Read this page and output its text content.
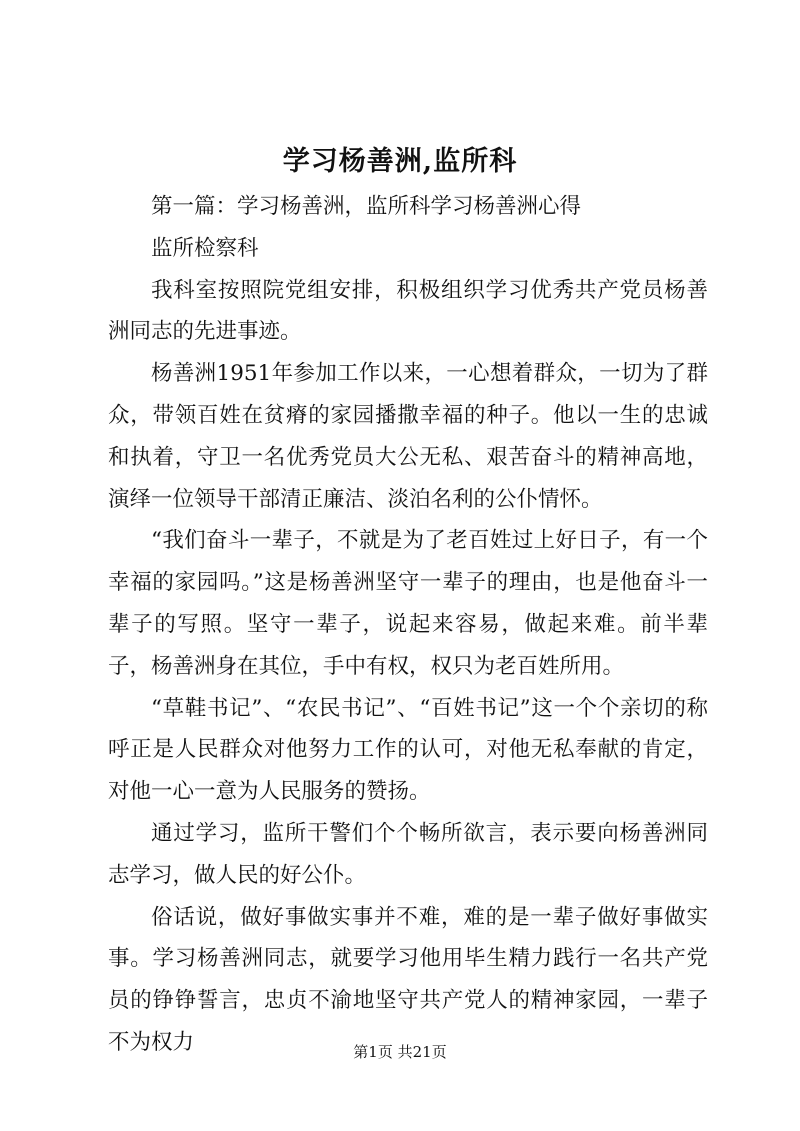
学习杨善洲,监所科

第一篇：学习杨善洲，监所科学习杨善洲心得

监所检察科

我科室按照院党组安排，积极组织学习优秀共产党员杨善洲同志的先进事迹。

杨善洲1951年参加工作以来，一心想着群众，一切为了群众，带领百姓在贫瘠的家园播撒幸福的种子。他以一生的忠诚和执着，守卫一名优秀党员大公无私、艰苦奋斗的精神高地，演绎一位领导干部清正廉洁、淡泊名利的公仆情怀。

“我们奋斗一辈子，不就是为了老百姓过上好日子，有一个幸福的家园吗。”这是杨善洲坚守一辈子的理由，也是他奋斗一辈子的写照。坚守一辈子，说起来容易，做起来难。前半辈子，杨善洲身在其位，手中有权，权只为老百姓所用。

“草鞋书记”、“农民书记”、“百姓书记”这一个个亲切的称呼正是人民群众对他努力工作的认可，对他无私奉献的肯定，对他一心一意为人民服务的赞扬。

通过学习，监所干警们个个畅所欲言，表示要向杨善洲同志学习，做人民的好公仆。

俗话说，做好事做实事并不难，难的是一辈子做好事做实事。学习杨善洲同志，就要学习他用毕生精力践行一名共产党员的铮铮誓言，忠贞不渝地坚守共产党人的精神家园，一辈子不为权力	第1页 共21页
